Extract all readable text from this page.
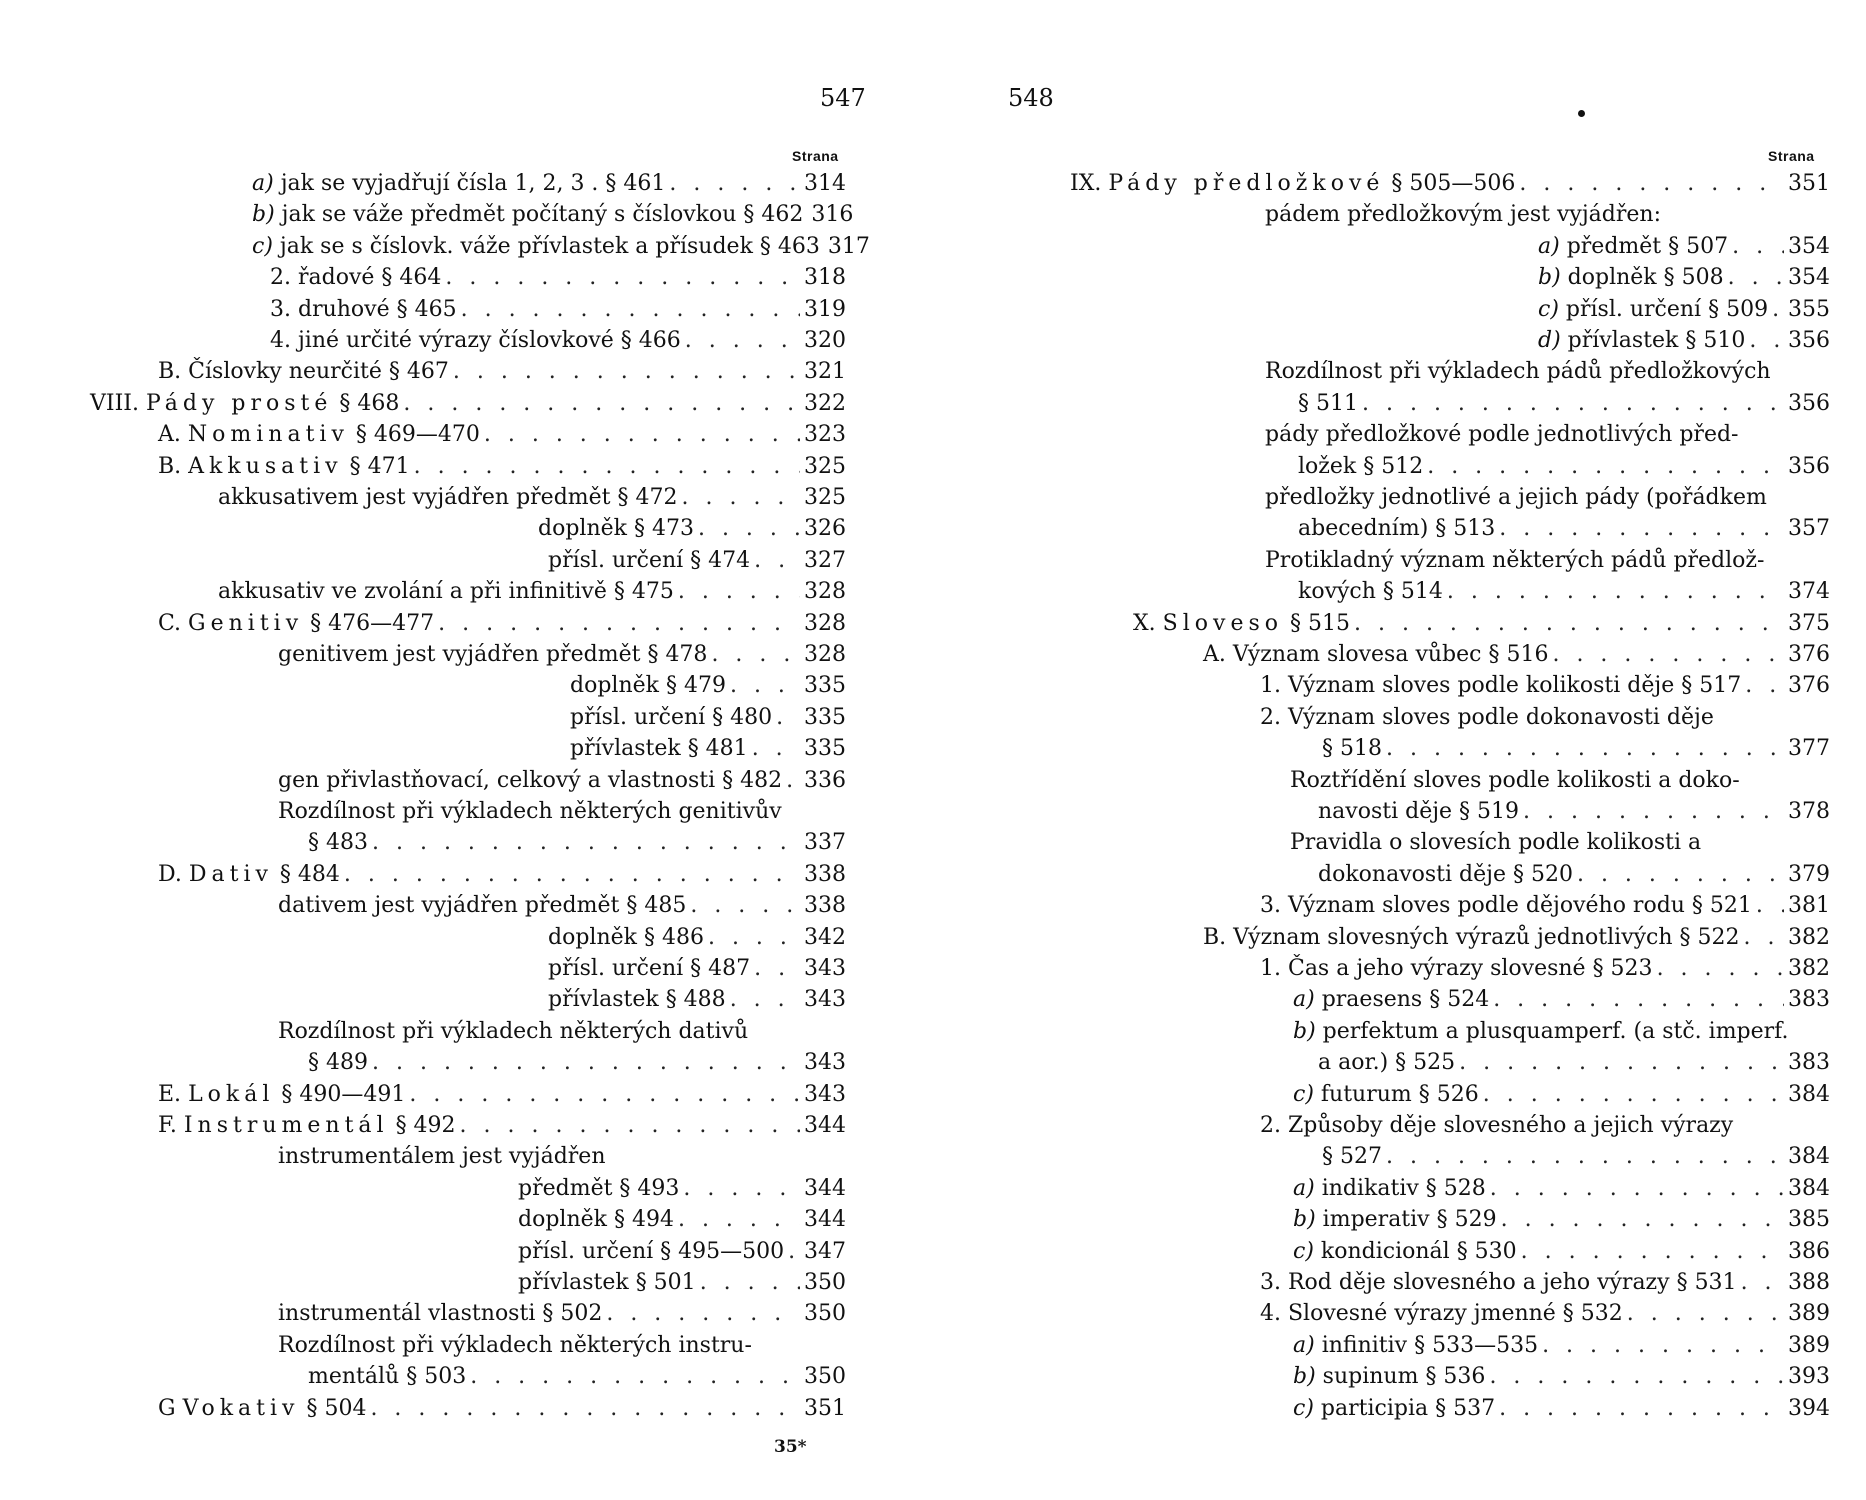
547
Strana
a) jak se vyjadřují čísla 1, 2, 3 . § 461 . . .	314
b) jak se váže předmět počítaný s číslovkou § 462 316
c) jak se s číslovk. váže přívlastek a přísudek § 463 317
2. řadové § 464 . . .	318
3. druhové § 465 . . .	319
4. jiné určité výrazy číslovkové § 466 . . .	320
B. Číslovky neurčité § 467 . . .	321
VIII. Pády prosté § 468 . . .	322
A. Nominativ § 469—470 . . .	323
B. Akkusativ § 471 . . .	325
akkusativem jest vyjádřen předmět § 472 . . .	325
doplněk § 473 . . .	326
přísl. určení § 474 . . . 327
akkusativ ve zvolání a při infinitivě § 475 . . .	328
C. Genitiv § 476—477 . . .	328
genitivem jest vyjádřen předmět § 478 . . .	328
doplněk § 479 . . .	335
přísl. určení § 480 . . . 335
přívlastek § 481 . . .	335
gen přivlastňovací, celkový a vlastnosti § 482 . . . 336
Rozdílnost při výkladech některých genitivův
§ 483 . . .	337
D. Dativ § 484 . . .	338
dativem jest vyjádřen předmět § 485 . . .	338
doplněk § 486 . . .	342
přísl. určení § 487 . . . 343
přívlastek § 488 . . .	343
Rozdílnost při výkladech některých dativů
§ 489 . . .	343
E. Lokál § 490—491 . . .	343
F. Instrumentál § 492 . . .	344
instrumentálem jest vyjádřen
předmět § 493 . . .	344
doplněk § 494 . . .	344
přísl. určení § 495—500 . . . 347
přívlastek § 501 . . .	350
instrumentál vlastnosti § 502 . . .	350
Rozdílnost při výkladech některých instru-
mentálů § 503 . . .	350
G Vokativ § 504 . . .	351
35*
548
Strana
IX. Pády předložkové § 505—506 . . .	351
pádem předložkovým jest vyjádřen:
a) předmět § 507 . . .	354
b) doplněk § 508 . . .	354
c) přísl. určení § 509 . . . 355
d) přívlastek § 510 . . . 356
Rozdílnost při výkladech pádů předložkových
§ 511 . . .	356
pády předložkové podle jednotlivých před-
ložek § 512 . . .	356
předložky jednotlivé a jejich pády (pořádkem
abecedním) § 513 . . .	357
Protikladný význam některých pádů předlož-
kových § 514 . . .	374
X. Sloveso § 515 . . .	375
A. Význam slovesa vůbec § 516 . . .	376
1. Význam sloves podle kolikosti děje § 517 . . . 376
2. Význam sloves podle dokonavosti děje
§ 518 . . .	377
Roztřídění sloves podle kolikosti a doko-
navosti děje § 519 . . .	378
Pravidla o slovesích podle kolikosti a
dokonavosti děje § 520 . . .	379
3. Význam sloves podle dějového rodu § 521 . . . 381
B. Význam slovesných výrazů jednotlivých § 522 . . . 382
1. Čas a jeho výrazy slovesné § 523 . . .	382
a) praesens § 524 . . .	383
b) perfektum a plusquamperf. (a stč. imperf.
a aor.) § 525 . . .	383
c) futurum § 526 . . .	384
2. Způsoby děje slovesného a jejich výrazy
§ 527 . . .	384
a) indikativ § 528 . . .	384
b) imperativ § 529 . . .	385
c) kondicionál § 530 . . .	386
3. Rod děje slovesného a jeho výrazy § 531 . . . 388
4. Slovesné výrazy jmenné § 532 . . .	389
a) infinitiv § 533—535 . . .	389
b) supinum § 536 . . .	393
c) participia § 537 . . .	394
